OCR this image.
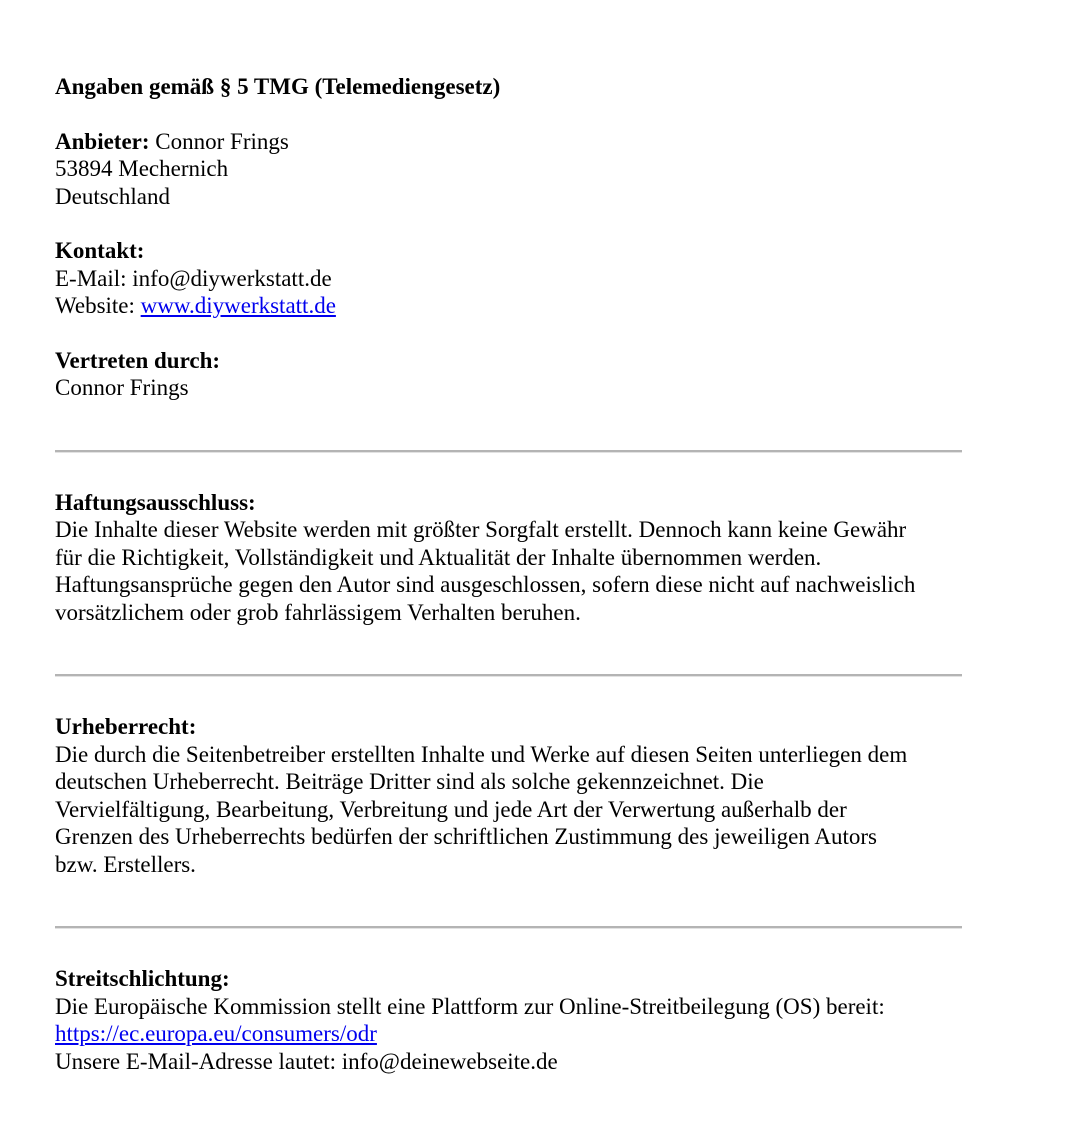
Angaben gemäß § 5 TMG (Telemediengesetz)

Anbieter: Connor Frings
53894 Mechernich
Deutschland

Kontakt:
E-Mail: info@diywerkstatt.de
Website: www.diywerkstatt.de

Vertreten durch:
Connor Frings

Haftungsausschluss:
Die Inhalte dieser Website werden mit größter Sorgfalt erstellt. Dennoch kann keine Gewähr
für die Richtigkeit, Vollständigkeit und Aktualität der Inhalte übernommen werden.
Haftungsansprüche gegen den Autor sind ausgeschlossen, sofern diese nicht auf nachweislich
vorsätzlichem oder grob fahrlässigem Verhalten beruhen.

Urheberrecht:
Die durch die Seitenbetreiber erstellten Inhalte und Werke auf diesen Seiten unterliegen dem
deutschen Urheberrecht. Beiträge Dritter sind als solche gekennzeichnet. Die
Vervielfältigung, Bearbeitung, Verbreitung und jede Art der Verwertung außerhalb der
Grenzen des Urheberrechts bedürfen der schriftlichen Zustimmung des jeweiligen Autors
bzw. Erstellers.

Streitschlichtung:
Die Europäische Kommission stellt eine Plattform zur Online-Streitbeilegung (OS) bereit:
https://ec.europa.eu/consumers/odr
Unsere E-Mail-Adresse lautet: info@deinewebseite.de
